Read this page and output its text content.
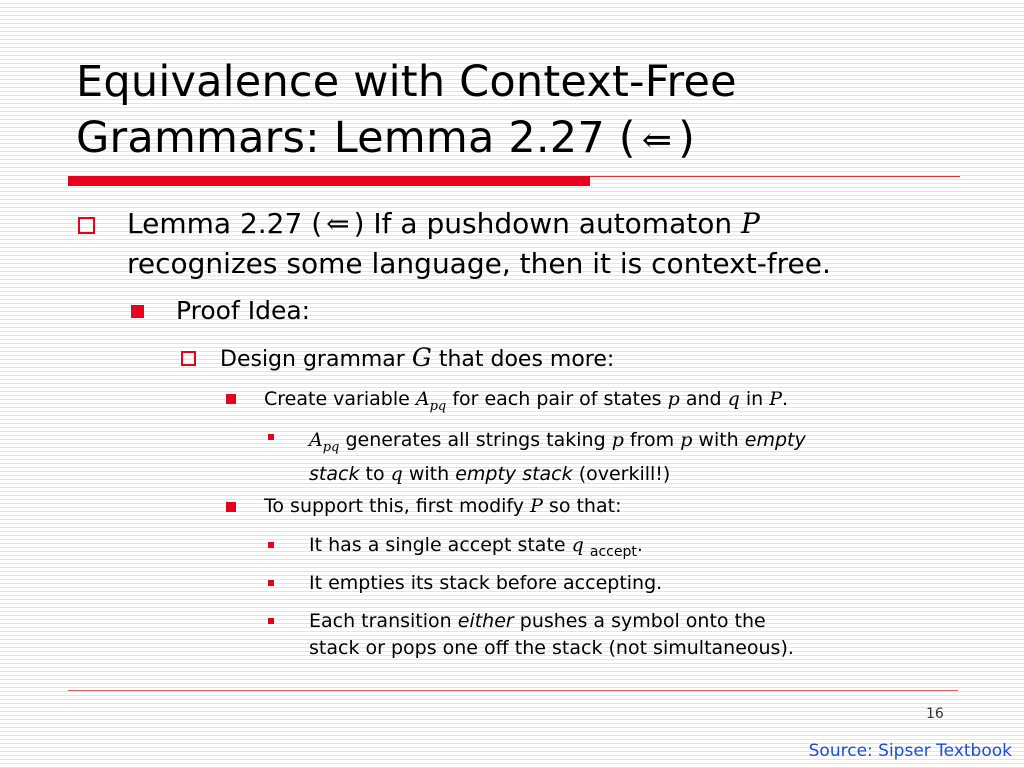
Equivalence with Context-Free
Grammars: Lemma 2.27 ( ⇐ )
Lemma 2.27 ( ⇐ ) If a pushdown automaton P
recognizes some language, then it is context-free.
Proof Idea:
Design grammar G that does more:
Create variable $A_{pq}$ for each pair of states p and q in P.
$A_{pq}$ generates all strings taking p from p with empty
stack to q with empty stack (overkill!)
To support this, first modify P so that:
It has a single accept state q $_{accept}$.
It empties its stack before accepting.
Each transition either pushes a symbol onto the
stack or pops one off the stack (not simultaneous).
16
Source: Sipser Textbook
